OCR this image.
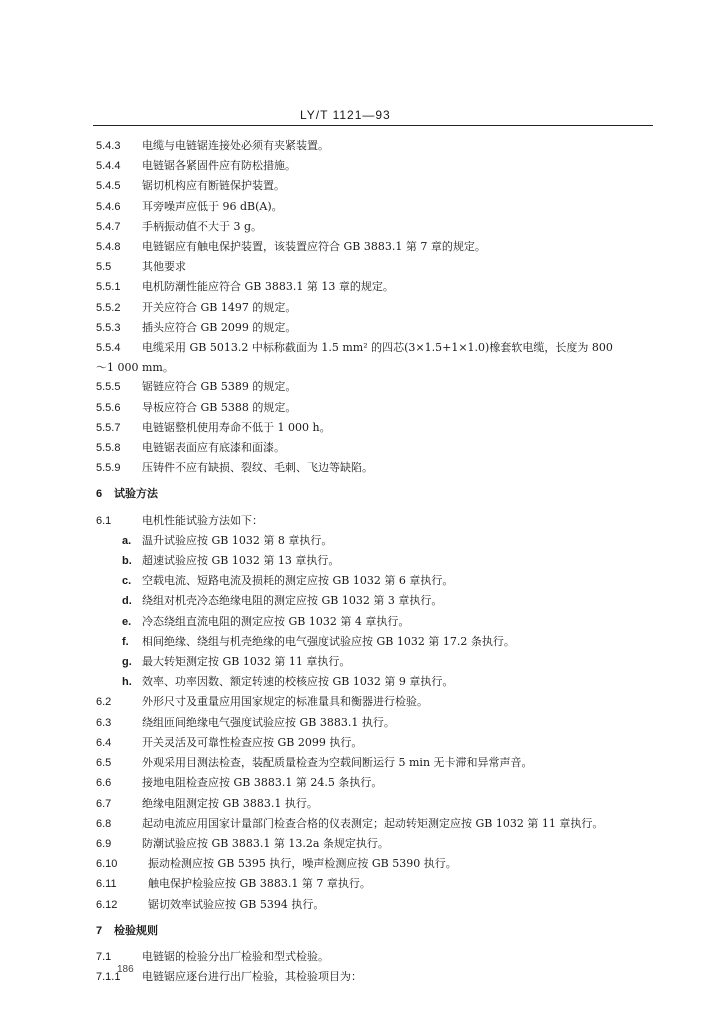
LY/T 1121—93
5.4.3 电缆与电链锯连接处必须有夹紧装置。
5.4.4 电链锯各紧固件应有防松措施。
5.4.5 锯切机构应有断链保护装置。
5.4.6 耳旁噪声应低于 96 dB(A)。
5.4.7 手柄振动值不大于 3 g。
5.4.8 电链锯应有触电保护装置，该装置应符合 GB 3883.1 第 7 章的规定。
5.5	其他要求
5.5.1 电机防潮性能应符合 GB 3883.1 第 13 章的规定。
5.5.2 开关应符合 GB 1497 的规定。
5.5.3 插头应符合 GB 2099 的规定。
5.5.4 电缆采用 GB 5013.2 中标称截面为 1.5 mm² 的四芯(3×1.5+1×1.0)橡套软电缆，长度为 800
～1 000 mm。
5.5.5 锯链应符合 GB 5389 的规定。
5.5.6 导板应符合 GB 5388 的规定。
5.5.7 电链锯整机使用寿命不低于 1 000 h。
5.5.8 电链锯表面应有底漆和面漆。
5.5.9 压铸件不应有缺损、裂纹、毛刺、飞边等缺陷。
6 试验方法
6.1	电机性能试验方法如下：
a. 温升试验应按 GB 1032 第 8 章执行。
b. 超速试验应按 GB 1032 第 13 章执行。
c. 空载电流、短路电流及损耗的测定应按 GB 1032 第 6 章执行。
d. 绕组对机壳冷态绝缘电阻的测定应按 GB 1032 第 3 章执行。
e. 冷态绕组直流电阻的测定应按 GB 1032 第 4 章执行。
f. 相间绝缘、绕组与机壳绝缘的电气强度试验应按 GB 1032 第 17.2 条执行。
g. 最大转矩测定按 GB 1032 第 11 章执行。
h. 效率、功率因数、额定转速的校核应按 GB 1032 第 9 章执行。
6.2	外形尺寸及重量应用国家规定的标准量具和衡器进行检验。
6.3	绕组匝间绝缘电气强度试验应按 GB 3883.1 执行。
6.4	开关灵活及可靠性检查应按 GB 2099 执行。
6.5	外观采用目测法检查，装配质量检查为空载间断运行 5 min 无卡滞和异常声音。
6.6	接地电阻检查应按 GB 3883.1 第 24.5 条执行。
6.7	绝缘电阻测定按 GB 3883.1 执行。
6.8	起动电流应用国家计量部门检查合格的仪表测定；起动转矩测定应按 GB 1032 第 11 章执行。
6.9	防潮试验应按 GB 3883.1 第 13.2a 条规定执行。
6.10	振动检测应按 GB 5395 执行，噪声检测应按 GB 5390 执行。
6.11	触电保护检验应按 GB 3883.1 第 7 章执行。
6.12	锯切效率试验应按 GB 5394 执行。
7 检验规则
7.1	电链锯的检验分出厂检验和型式检验。
7.1.1 电链锯应逐台进行出厂检验，其检验项目为：
186
